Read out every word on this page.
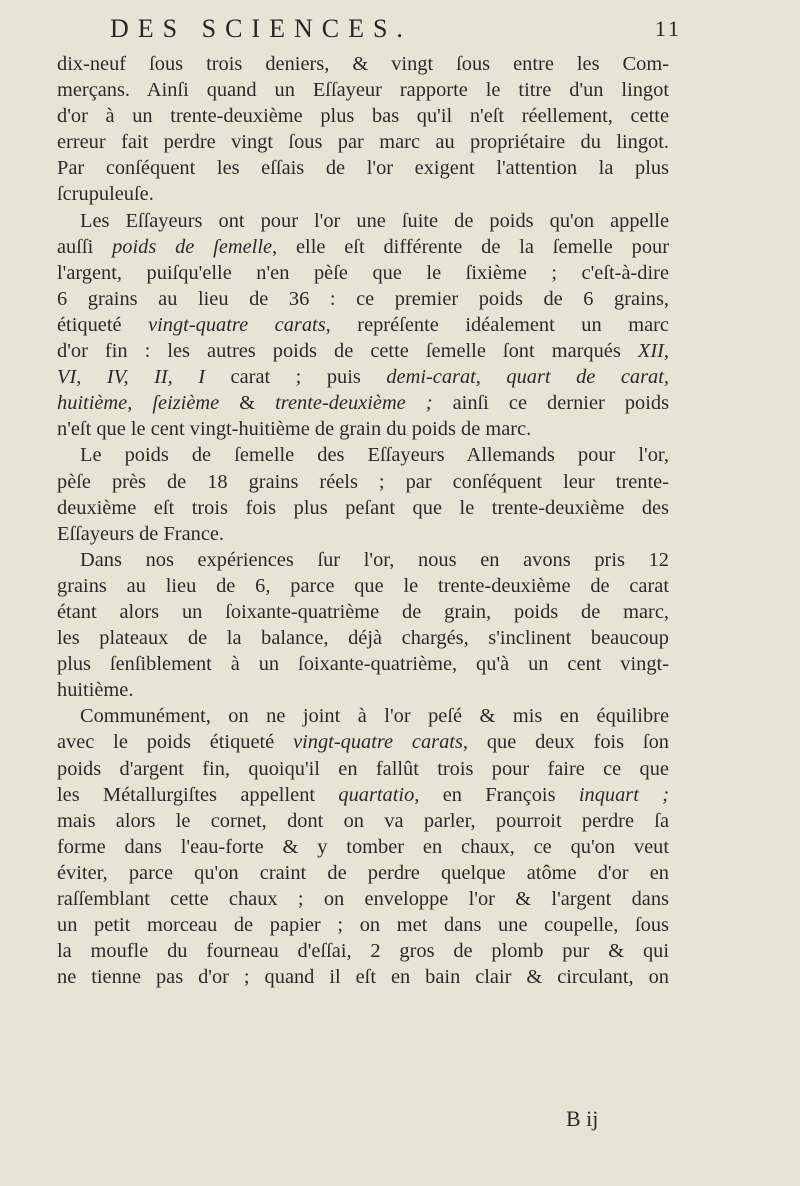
DES SCIENCES.	11
dix-neuf ſous trois deniers, & vingt ſous entre les Com-
merçans. Ainſi quand un Eſſayeur rapporte le titre d'un lingot
d'or à un trente-deuxième plus bas qu'il n'eſt réellement, cette
erreur fait perdre vingt ſous par marc au propriétaire du lingot.
Par conſéquent les eſſais de l'or exigent l'attention la plus
ſcrupuleuſe.
Les Eſſayeurs ont pour l'or une ſuite de poids qu'on appelle
auſſi poids de ſemelle, elle eſt différente de la ſemelle pour
l'argent, puiſqu'elle n'en pèſe que le ſixième ; c'eſt-à-dire
6 grains au lieu de 36 : ce premier poids de 6 grains,
étiqueté vingt-quatre carats, repréſente idéalement un marc
d'or fin : les autres poids de cette ſemelle ſont marqués XII,
VI, IV, II, I carat ; puis demi-carat, quart de carat,
huitième, ſeizième & trente-deuxième ; ainſi ce dernier poids
n'eſt que le cent vingt-huitième de grain du poids de marc.
Le poids de ſemelle des Eſſayeurs Allemands pour l'or,
pèſe près de 18 grains réels ; par conſéquent leur trente-
deuxième eſt trois fois plus peſant que le trente-deuxième des
Eſſayeurs de France.
Dans nos expériences ſur l'or, nous en avons pris 12
grains au lieu de 6, parce que le trente-deuxième de carat
étant alors un ſoixante-quatrième de grain, poids de marc,
les plateaux de la balance, déjà chargés, s'inclinent beaucoup
plus ſenſiblement à un ſoixante-quatrième, qu'à un cent vingt-
huitième.
Communément, on ne joint à l'or peſé & mis en équilibre
avec le poids étiqueté vingt-quatre carats, que deux fois ſon
poids d'argent fin, quoiqu'il en fallût trois pour faire ce que
les Métallurgiſtes appellent quartatio, en François inquart ;
mais alors le cornet, dont on va parler, pourroit perdre ſa
forme dans l'eau-forte & y tomber en chaux, ce qu'on veut
éviter, parce qu'on craint de perdre quelque atôme d'or en
raſſemblant cette chaux ; on enveloppe l'or & l'argent dans
un petit morceau de papier ; on met dans une coupelle, ſous
la moufle du fourneau d'eſſai, 2 gros de plomb pur & qui
ne tienne pas d'or ; quand il eſt en bain clair & circulant, on
B ij
